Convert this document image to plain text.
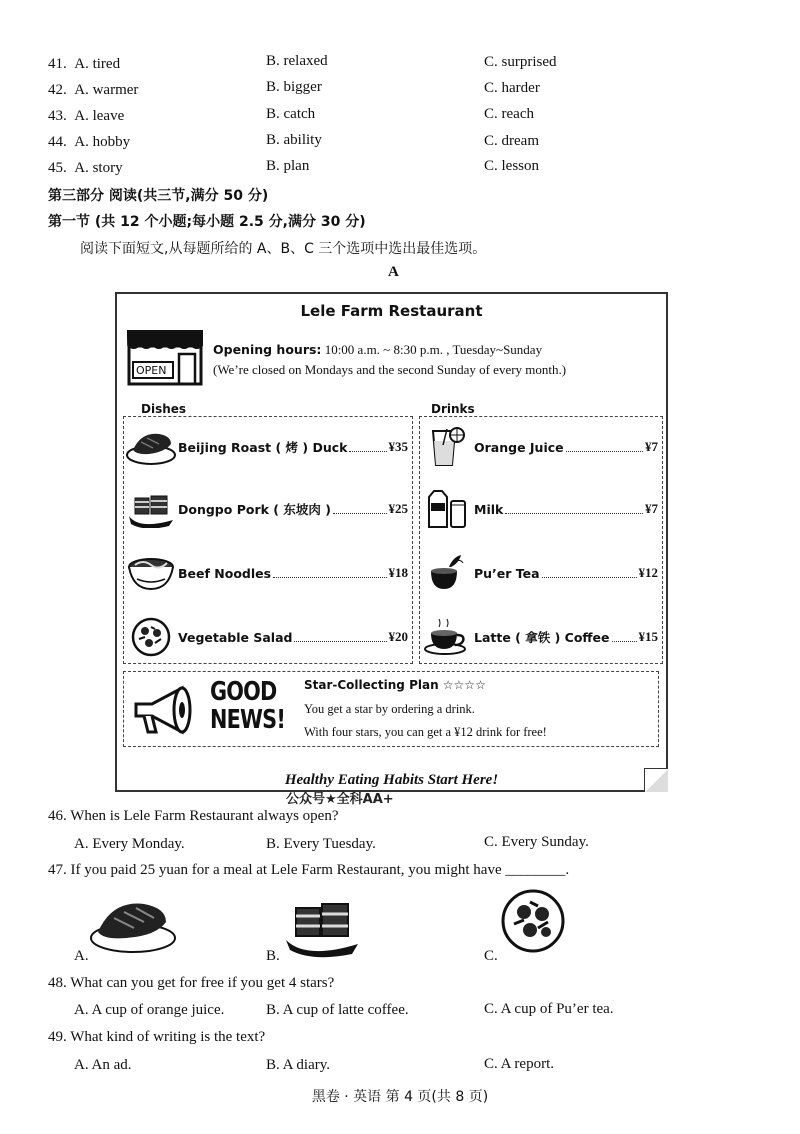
41. A. tired	B. relaxed	C. surprised
42. A. warmer	B. bigger	C. harder
43. A. leave	B. catch	C. reach
44. A. hobby	B. ability	C. dream
45. A. story	B. plan	C. lesson
第三部分 阅读(共三节,满分 50 分)
第一节 (共 12 个小题;每小题 2.5 分,满分 30 分)
阅读下面短文,从每题所给的 A、B、C 三个选项中选出最佳选项。
A
Lele Farm Restaurant
OPEN
Opening hours: 10:00 a.m. ~ 8:30 p.m. , Tuesday~Sunday
(We’re closed on Mondays and the second Sunday of every month.)
Dishes	Drinks
Beijing Roast ( 烤 ) Duck	¥35
Dongpo Pork ( 东坡肉 )	¥25
Beef Noodles	¥18
Vegetable Salad	¥20
Orange Juice	¥7
Milk	¥7
Pu’er Tea	¥12
Latte ( 拿铁 ) Coffee ¥15
GOOD
NEWS!
Star-Collecting Plan ☆☆☆☆
You get a star by ordering a drink.
With four stars, you can get a ¥12 drink for free!
Healthy Eating Habits Start Here!
公众号★全科AA+
46. When is Lele Farm Restaurant always open?
A. Every Monday.	B. Every Tuesday.	C. Every Sunday.
47. If you paid 25 yuan for a meal at Lele Farm Restaurant, you might have ________.
A.	B.	C.
48. What can you get for free if you get 4 stars?
A. A cup of orange juice.	B. A cup of latte coffee.	C. A cup of Pu’er tea.
49. What kind of writing is the text?
A. An ad.	B. A diary.	C. A report.
黑卷 · 英语 第 4 页(共 8 页)
